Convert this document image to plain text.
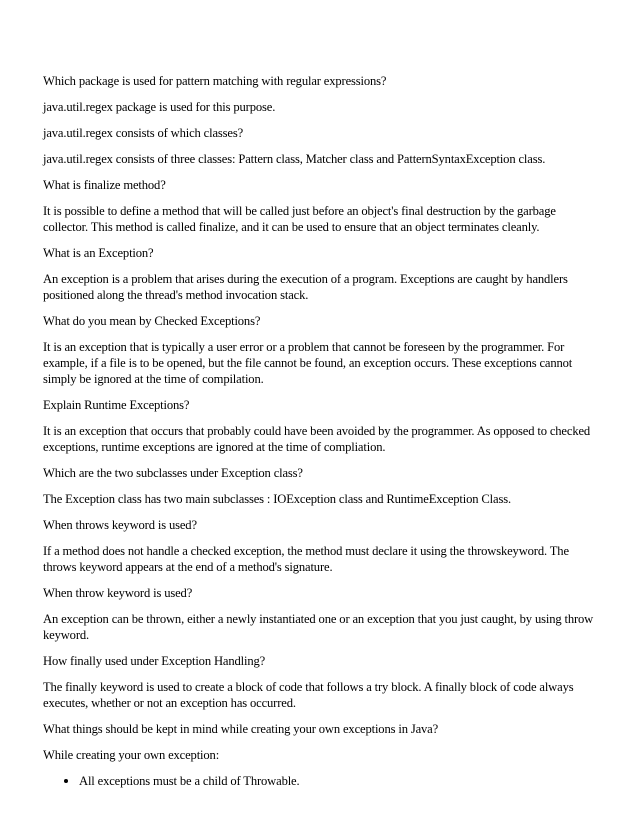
Which package is used for pattern matching with regular expressions?

java.util.regex package is used for this purpose.

java.util.regex consists of which classes?

java.util.regex consists of three classes: Pattern class, Matcher class and PatternSyntaxException class.

What is finalize method?

It is possible to define a method that will be called just before an object's final destruction by the garbage collector. This method is called finalize, and it can be used to ensure that an object terminates cleanly.

What is an Exception?

An exception is a problem that arises during the execution of a program. Exceptions are caught by handlers positioned along the thread's method invocation stack.

What do you mean by Checked Exceptions?

It is an exception that is typically a user error or a problem that cannot be foreseen by the programmer. For example, if a file is to be opened, but the file cannot be found, an exception occurs. These exceptions cannot simply be ignored at the time of compilation.

Explain Runtime Exceptions?

It is an exception that occurs that probably could have been avoided by the programmer. As opposed to checked exceptions, runtime exceptions are ignored at the time of compliation.

Which are the two subclasses under Exception class?

The Exception class has two main subclasses : IOException class and RuntimeException Class.

When throws keyword is used?

If a method does not handle a checked exception, the method must declare it using the throwskeyword. The throws keyword appears at the end of a method's signature.

When throw keyword is used?

An exception can be thrown, either a newly instantiated one or an exception that you just caught, by using throw keyword.

How finally used under Exception Handling?

The finally keyword is used to create a block of code that follows a try block. A finally block of code always executes, whether or not an exception has occurred.

What things should be kept in mind while creating your own exceptions in Java?

While creating your own exception:

All exceptions must be a child of Throwable.
